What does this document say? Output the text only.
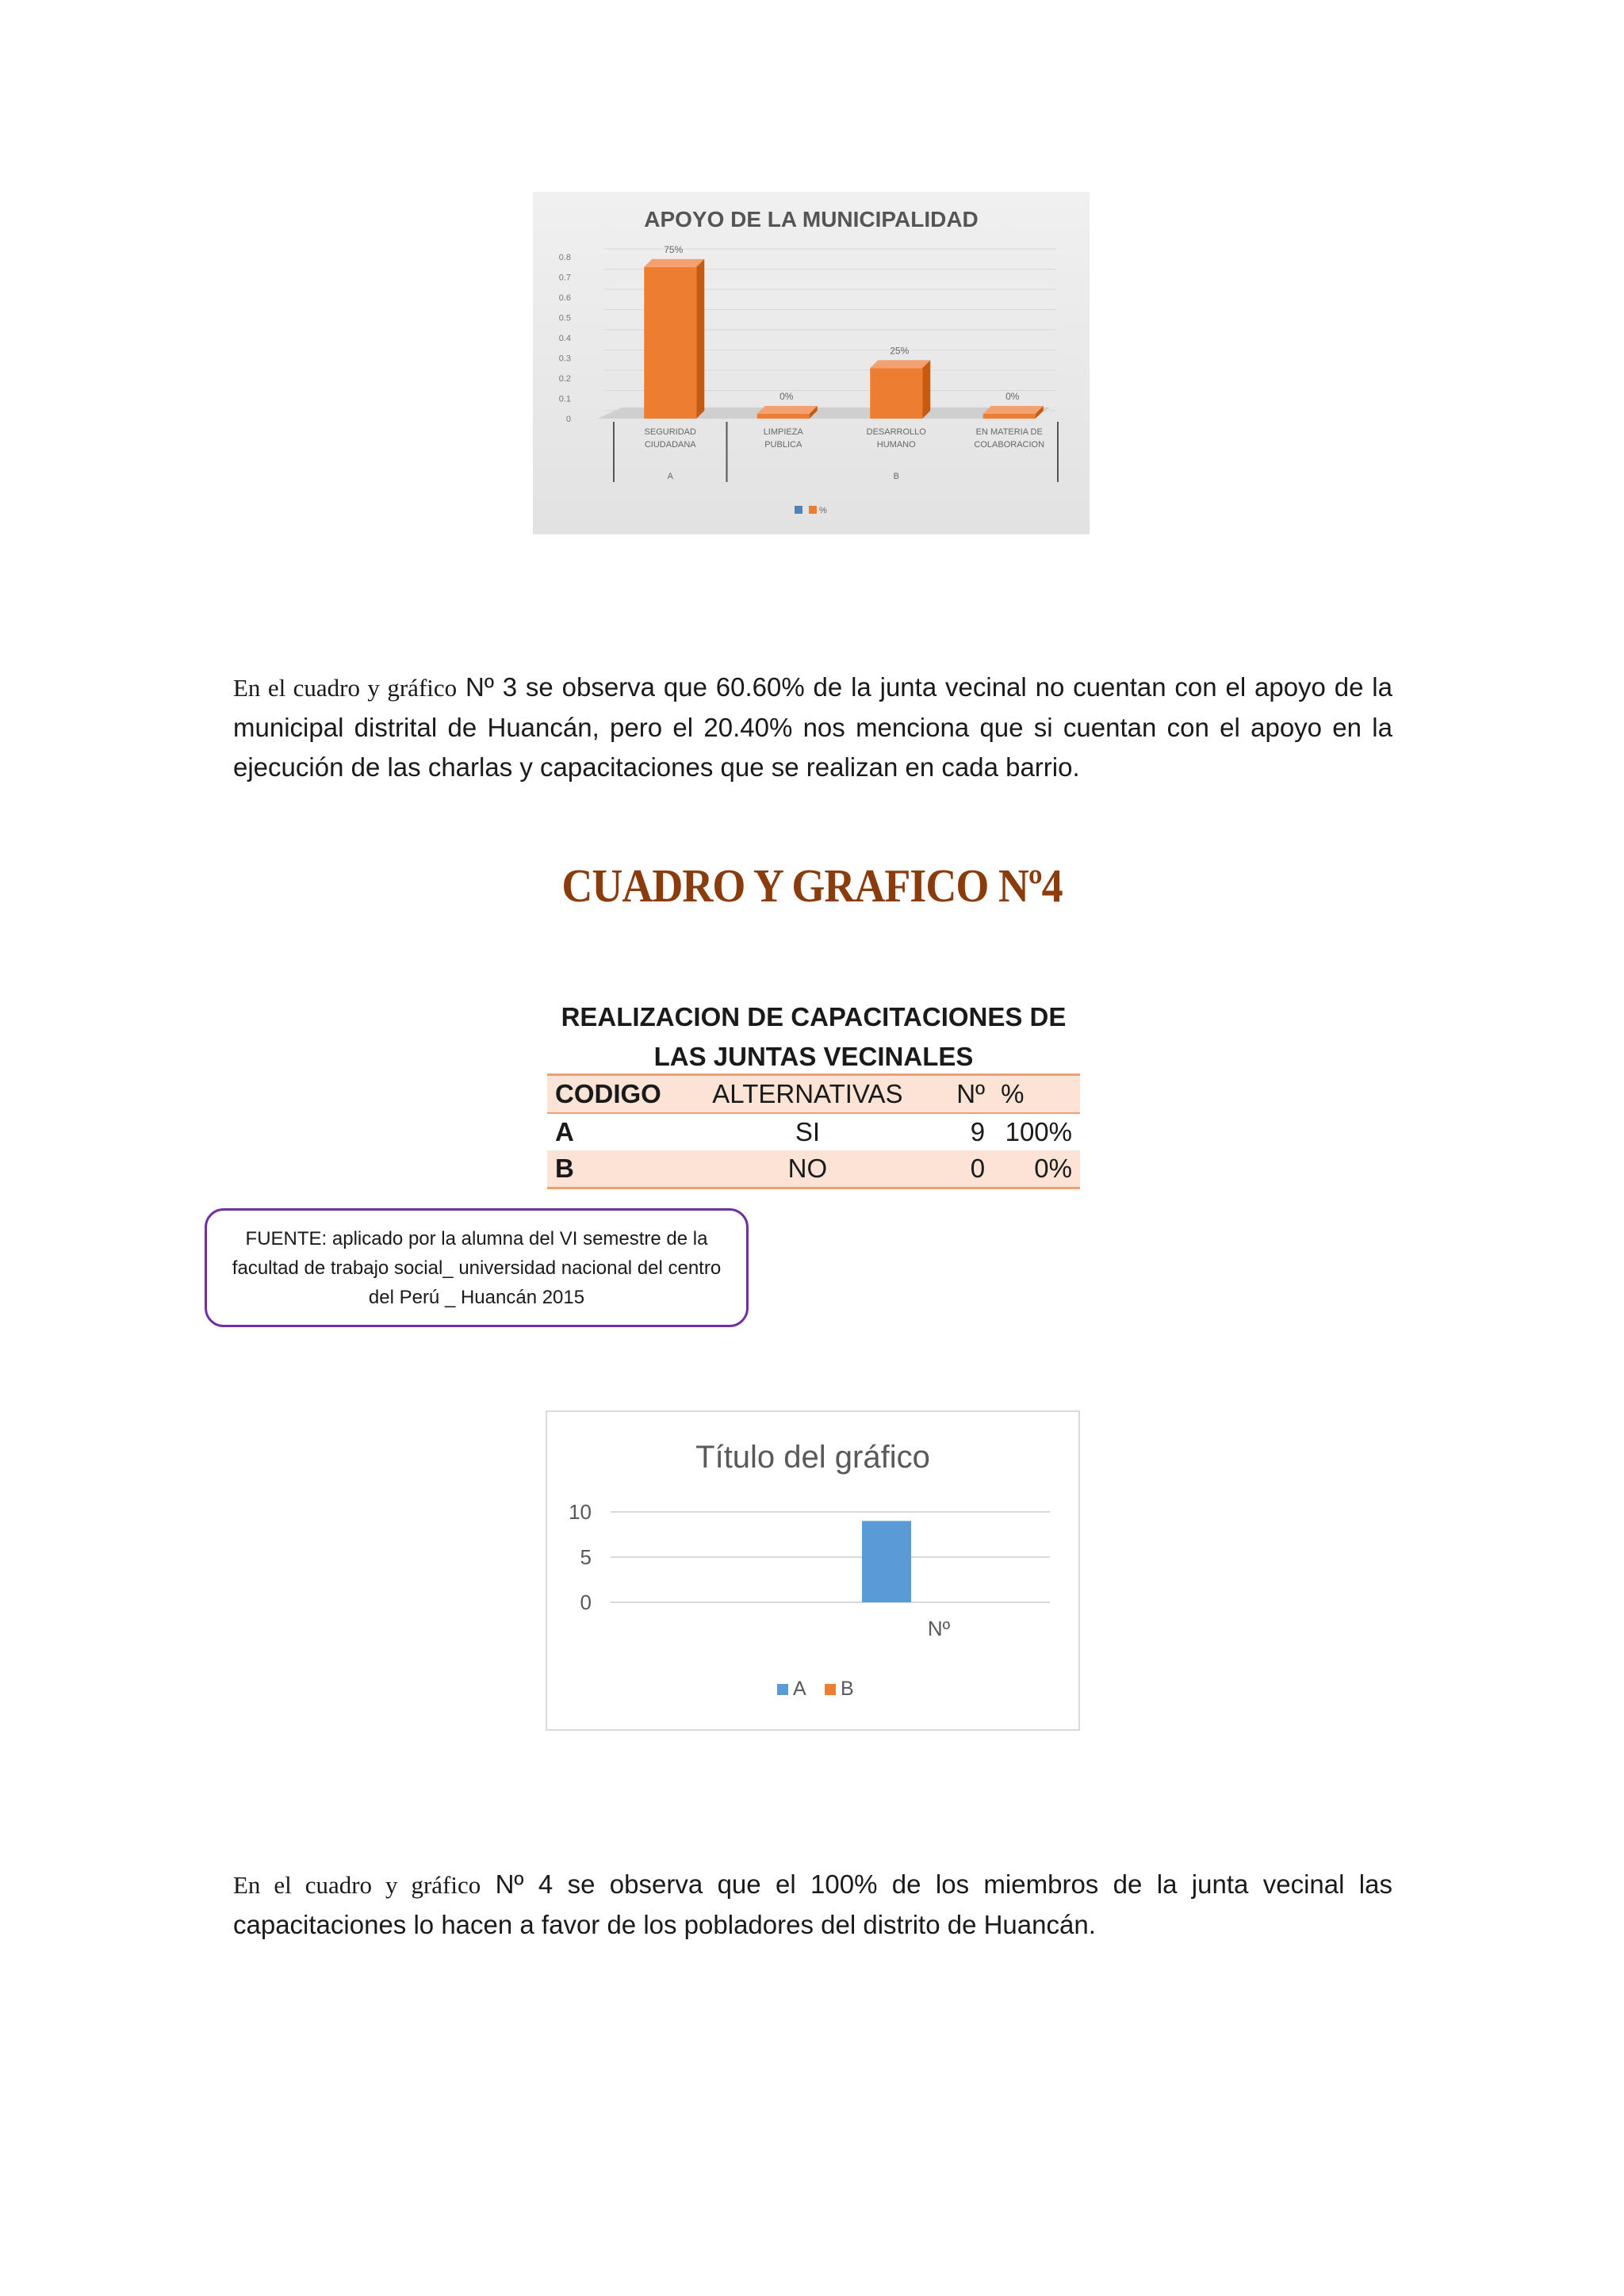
APOYO DE LA MUNICIPALIDAD
0
0.1
0.2
0.3
0.4
0.5
0.6
0.7
0.8
75%
SEGURIDAD CIUDADANA
0%
LIMPIEZA PUBLICA
25%
DESARROLLO HUMANO
0%
EN MATERIA DE COLABORACION
A	B
%
En el cuadro y gráfico Nº 3 se observa que 60.60% de la junta vecinal no cuentan con el apoyo de la municipal distrital de Huancán, pero el 20.40% nos menciona que si cuentan con el apoyo en la ejecución de las charlas y capacitaciones que se realizan en cada barrio.
CUADRO Y GRAFICO Nº4
REALIZACION DE CAPACITACIONES DE
LAS JUNTAS VECINALES
CODIGO	ALTERNATIVAS	Nº	%
A	SI	9	100%
B	NO	0	0%
FUENTE: aplicado por la alumna del VI semestre de la facultad de trabajo social_ universidad nacional del centro del Perú _ Huancán 2015
Título del gráfico
0
5
10
Nº
A B
En el cuadro y gráfico Nº 4 se observa que el 100% de los miembros de la junta vecinal las capacitaciones lo hacen a favor de los pobladores del distrito de Huancán.
